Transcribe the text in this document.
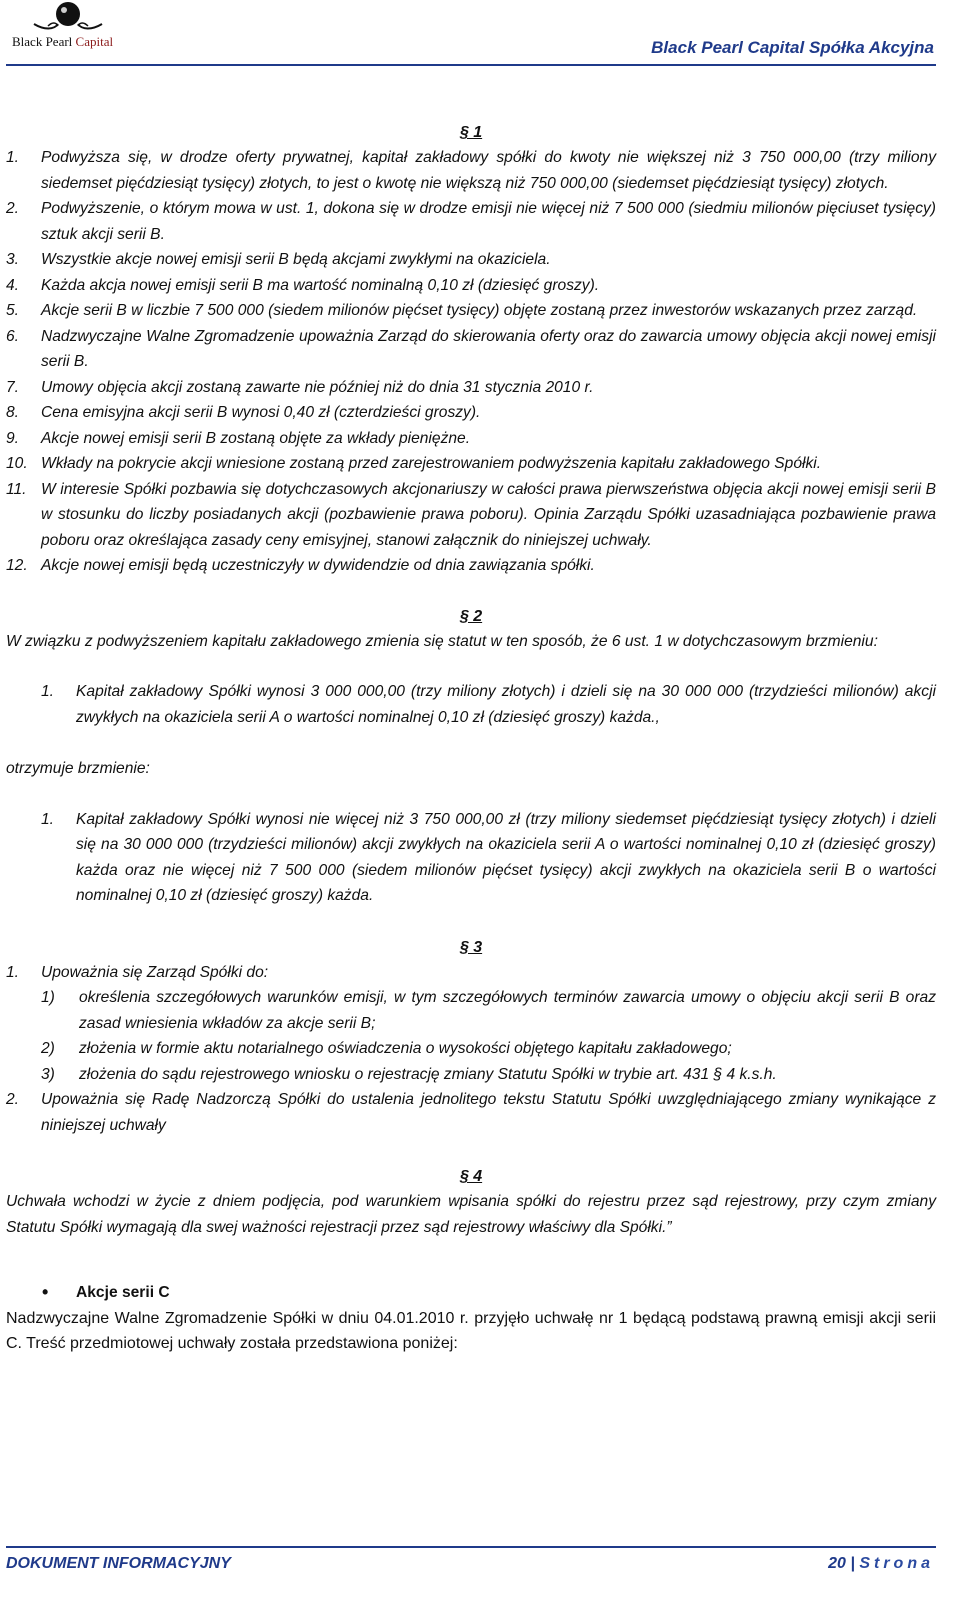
Black Pearl Capital	Black Pearl Capital Spółka Akcyjna
§ 1
1.	Podwyższa się, w drodze oferty prywatnej, kapitał zakładowy spółki do kwoty nie większej niż 3 750 000,00 (trzy miliony siedemset pięćdziesiąt tysięcy) złotych, to jest o kwotę nie większą niż 750 000,00 (siedemset pięćdziesiąt tysięcy) złotych.
2.	Podwyższenie, o którym mowa w ust. 1, dokona się w drodze emisji nie więcej niż 7 500 000 (siedmiu milionów pięciuset tysięcy) sztuk akcji serii B.
3.	Wszystkie akcje nowej emisji serii B będą akcjami zwykłymi na okaziciela.
4.	Każda akcja nowej emisji serii B ma wartość nominalną 0,10 zł (dziesięć groszy).
5.	Akcje serii B w liczbie 7 500 000 (siedem milionów pięćset tysięcy) objęte zostaną przez inwestorów wskazanych przez zarząd.
6.	Nadzwyczajne Walne Zgromadzenie upoważnia Zarząd do skierowania oferty oraz do zawarcia umowy objęcia akcji nowej emisji serii B.
7.	Umowy objęcia akcji zostaną zawarte nie później niż do dnia 31 stycznia 2010 r.
8.	Cena emisyjna akcji serii B wynosi 0,40 zł (czterdzieści groszy).
9.	Akcje nowej emisji serii B zostaną objęte za wkłady pieniężne.
10. Wkłady na pokrycie akcji wniesione zostaną przed zarejestrowaniem podwyższenia kapitału zakładowego Spółki.
11. W interesie Spółki pozbawia się dotychczasowych akcjonariuszy w całości prawa pierwszeństwa objęcia akcji nowej emisji serii B w stosunku do liczby posiadanych akcji (pozbawienie prawa poboru). Opinia Zarządu Spółki uzasadniająca pozbawienie prawa poboru oraz określająca zasady ceny emisyjnej, stanowi załącznik do niniejszej uchwały.
12. Akcje nowej emisji będą uczestniczyły w dywidendzie od dnia zawiązania spółki.
§ 2
W związku z podwyższeniem kapitału zakładowego zmienia się statut w ten sposób, że 6 ust. 1 w dotychczasowym brzmieniu:
1.	Kapitał zakładowy Spółki wynosi 3 000 000,00 (trzy miliony złotych) i dzieli się na 30 000 000 (trzydzieści milionów) akcji zwykłych na okaziciela serii A o wartości nominalnej 0,10 zł (dziesięć groszy) każda.,
otrzymuje brzmienie:
1.	Kapitał zakładowy Spółki wynosi nie więcej niż 3 750 000,00 zł (trzy miliony siedemset pięćdziesiąt tysięcy złotych) i dzieli się na 30 000 000 (trzydzieści milionów) akcji zwykłych na okaziciela serii A o wartości nominalnej 0,10 zł (dziesięć groszy) każda oraz nie więcej niż 7 500 000 (siedem milionów pięćset tysięcy) akcji zwykłych na okaziciela serii B o wartości nominalnej 0,10 zł (dziesięć groszy) każda.
§ 3
1.	Upoważnia się Zarząd Spółki do:
1)	określenia szczegółowych warunków emisji, w tym szczegółowych terminów zawarcia umowy o objęciu akcji serii B oraz zasad wniesienia wkładów za akcje serii B;
2)	złożenia w formie aktu notarialnego oświadczenia o wysokości objętego kapitału zakładowego;
3)	złożenia do sądu rejestrowego wniosku o rejestrację zmiany Statutu Spółki w trybie art. 431 § 4 k.s.h.
2.	Upoważnia się Radę Nadzorczą Spółki do ustalenia jednolitego tekstu Statutu Spółki uwzględniającego zmiany wynikające z niniejszej uchwały
§ 4
Uchwała wchodzi w życie z dniem podjęcia, pod warunkiem wpisania spółki do rejestru przez sąd rejestrowy, przy czym zmiany Statutu Spółki wymagają dla swej ważności rejestracji przez sąd rejestrowy właściwy dla Spółki.”
•	Akcje serii C
Nadzwyczajne Walne Zgromadzenie Spółki w dniu 04.01.2010 r. przyjęło uchwałę nr 1 będącą podstawą prawną emisji akcji serii C. Treść przedmiotowej uchwały została przedstawiona poniżej:
DOKUMENT INFORMACYJNY	20 | Strona
